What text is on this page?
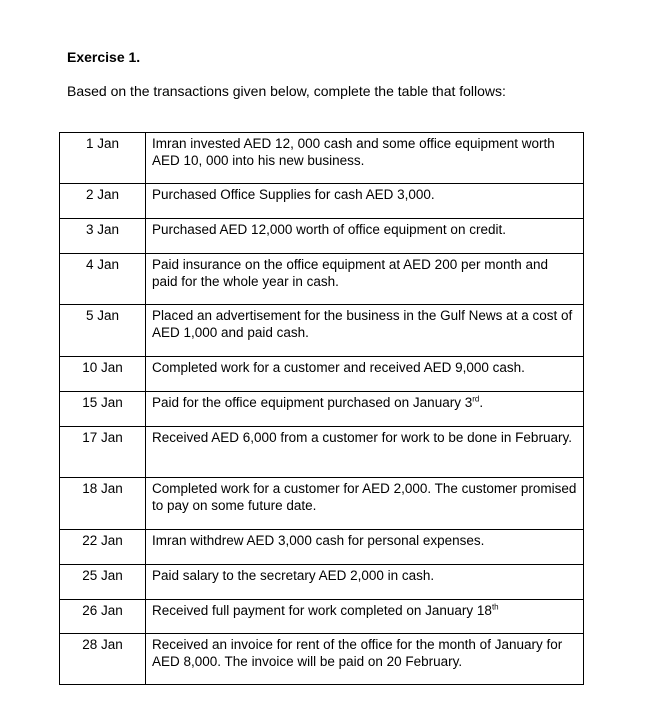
Exercise 1.

Based on the transactions given below, complete the table that follows:

1 Jan	Imran invested AED 12, 000 cash and some office equipment worth AED 10, 000 into his new business.
2 Jan	Purchased Office Supplies for cash AED 3,000.
3 Jan	Purchased AED 12,000 worth of office equipment on credit.
4 Jan	Paid insurance on the office equipment at AED 200 per month and paid for the whole year in cash.
5 Jan	Placed an advertisement for the business in the Gulf News at a cost of AED 1,000 and paid cash.
10 Jan	Completed work for a customer and received AED 9,000 cash.
15 Jan	Paid for the office equipment purchased on January 3rd.
17 Jan	Received AED 6,000 from a customer for work to be done in February.
18 Jan	Completed work for a customer for AED 2,000. The customer promised to pay on some future date.
22 Jan	Imran withdrew AED 3,000 cash for personal expenses.
25 Jan	Paid salary to the secretary AED 2,000 in cash.
26 Jan	Received full payment for work completed on January 18th
28 Jan	Received an invoice for rent of the office for the month of January for AED 8,000. The invoice will be paid on 20 February.
